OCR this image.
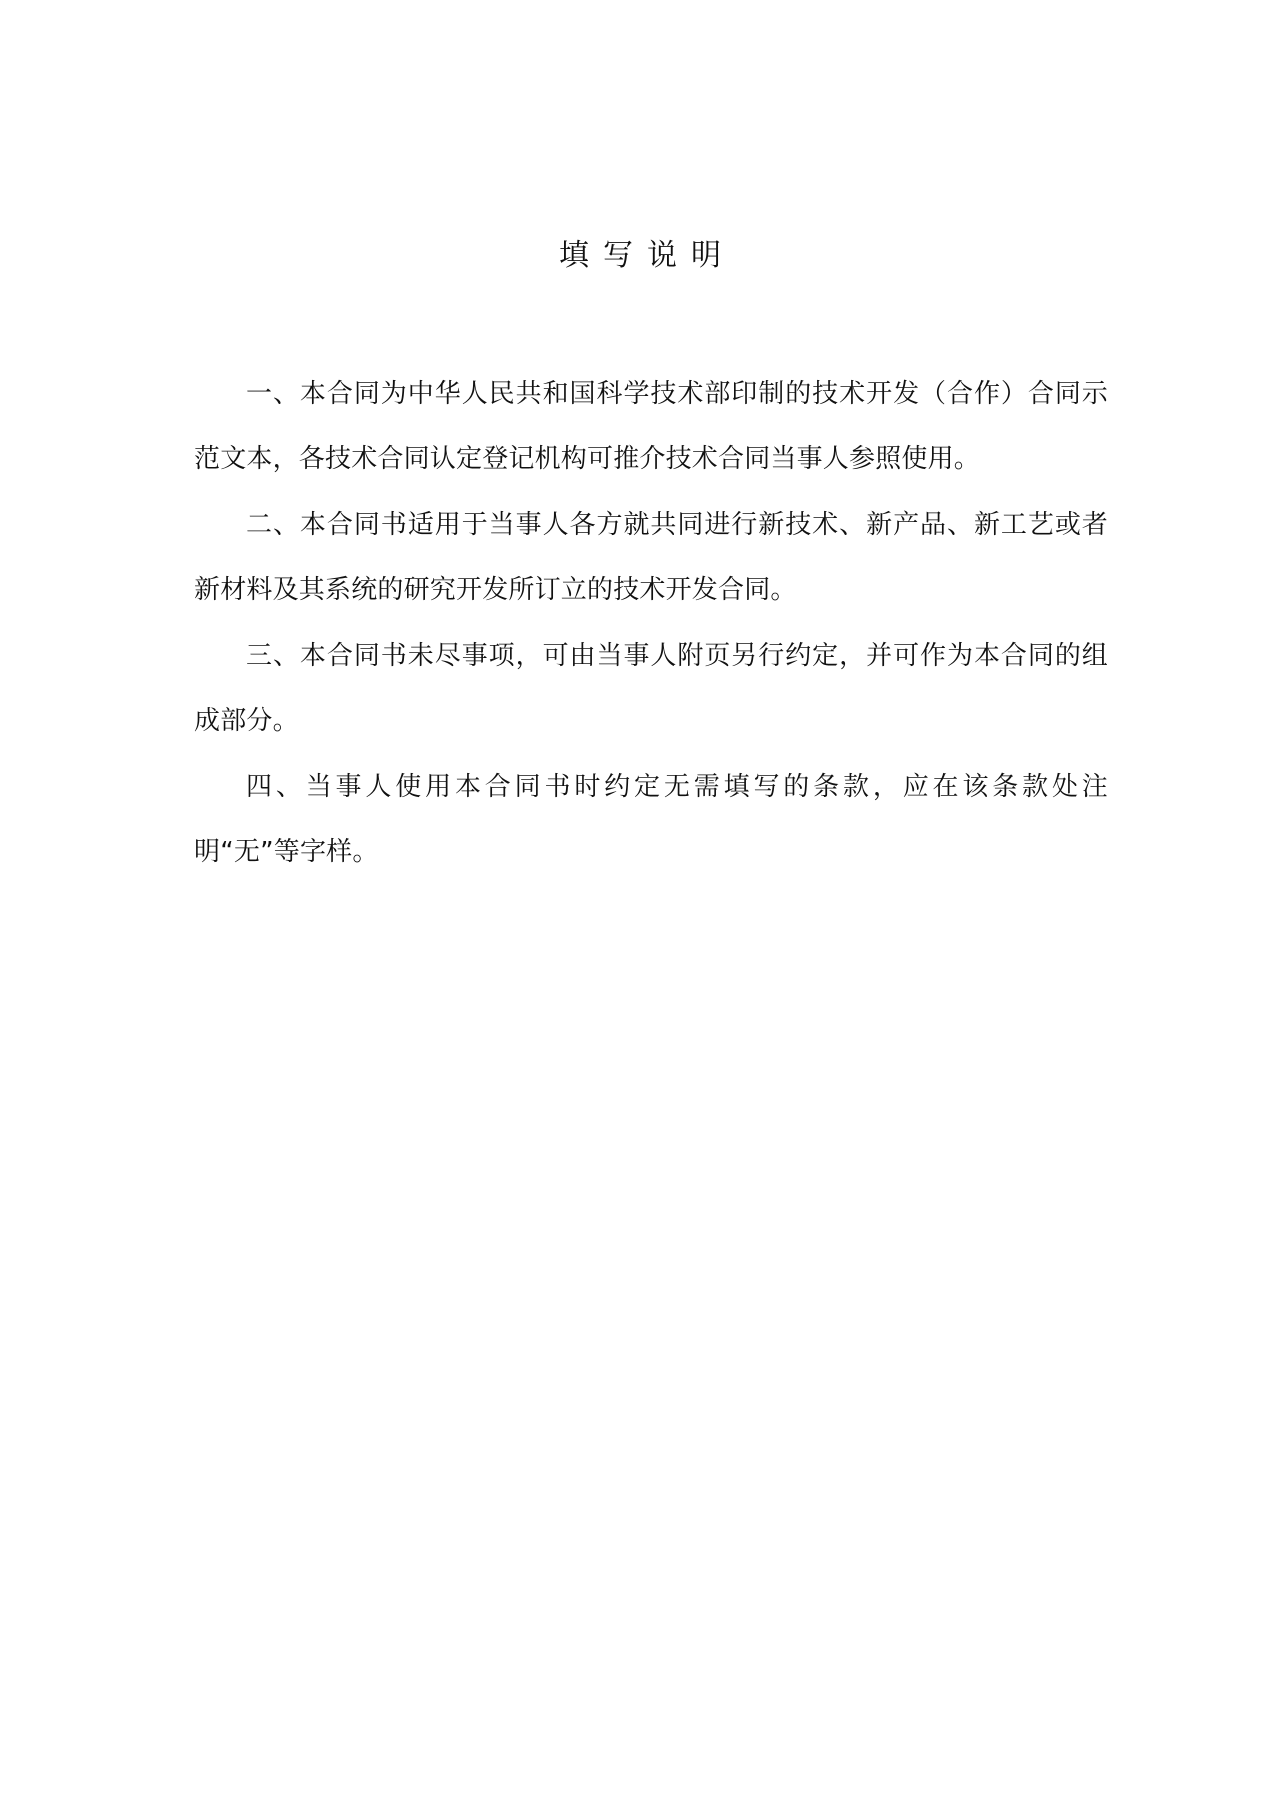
填写说明

一、本合同为中华人民共和国科学技术部印制的技术开发（合作）合同示范文本，各技术合同认定登记机构可推介技术合同当事人参照使用。

二、本合同书适用于当事人各方就共同进行新技术、新产品、新工艺或者新材料及其系统的研究开发所订立的技术开发合同。

三、本合同书未尽事项，可由当事人附页另行约定，并可作为本合同的组成部分。

四、当事人使用本合同书时约定无需填写的条款，应在该条款处注明“无”等字样。
